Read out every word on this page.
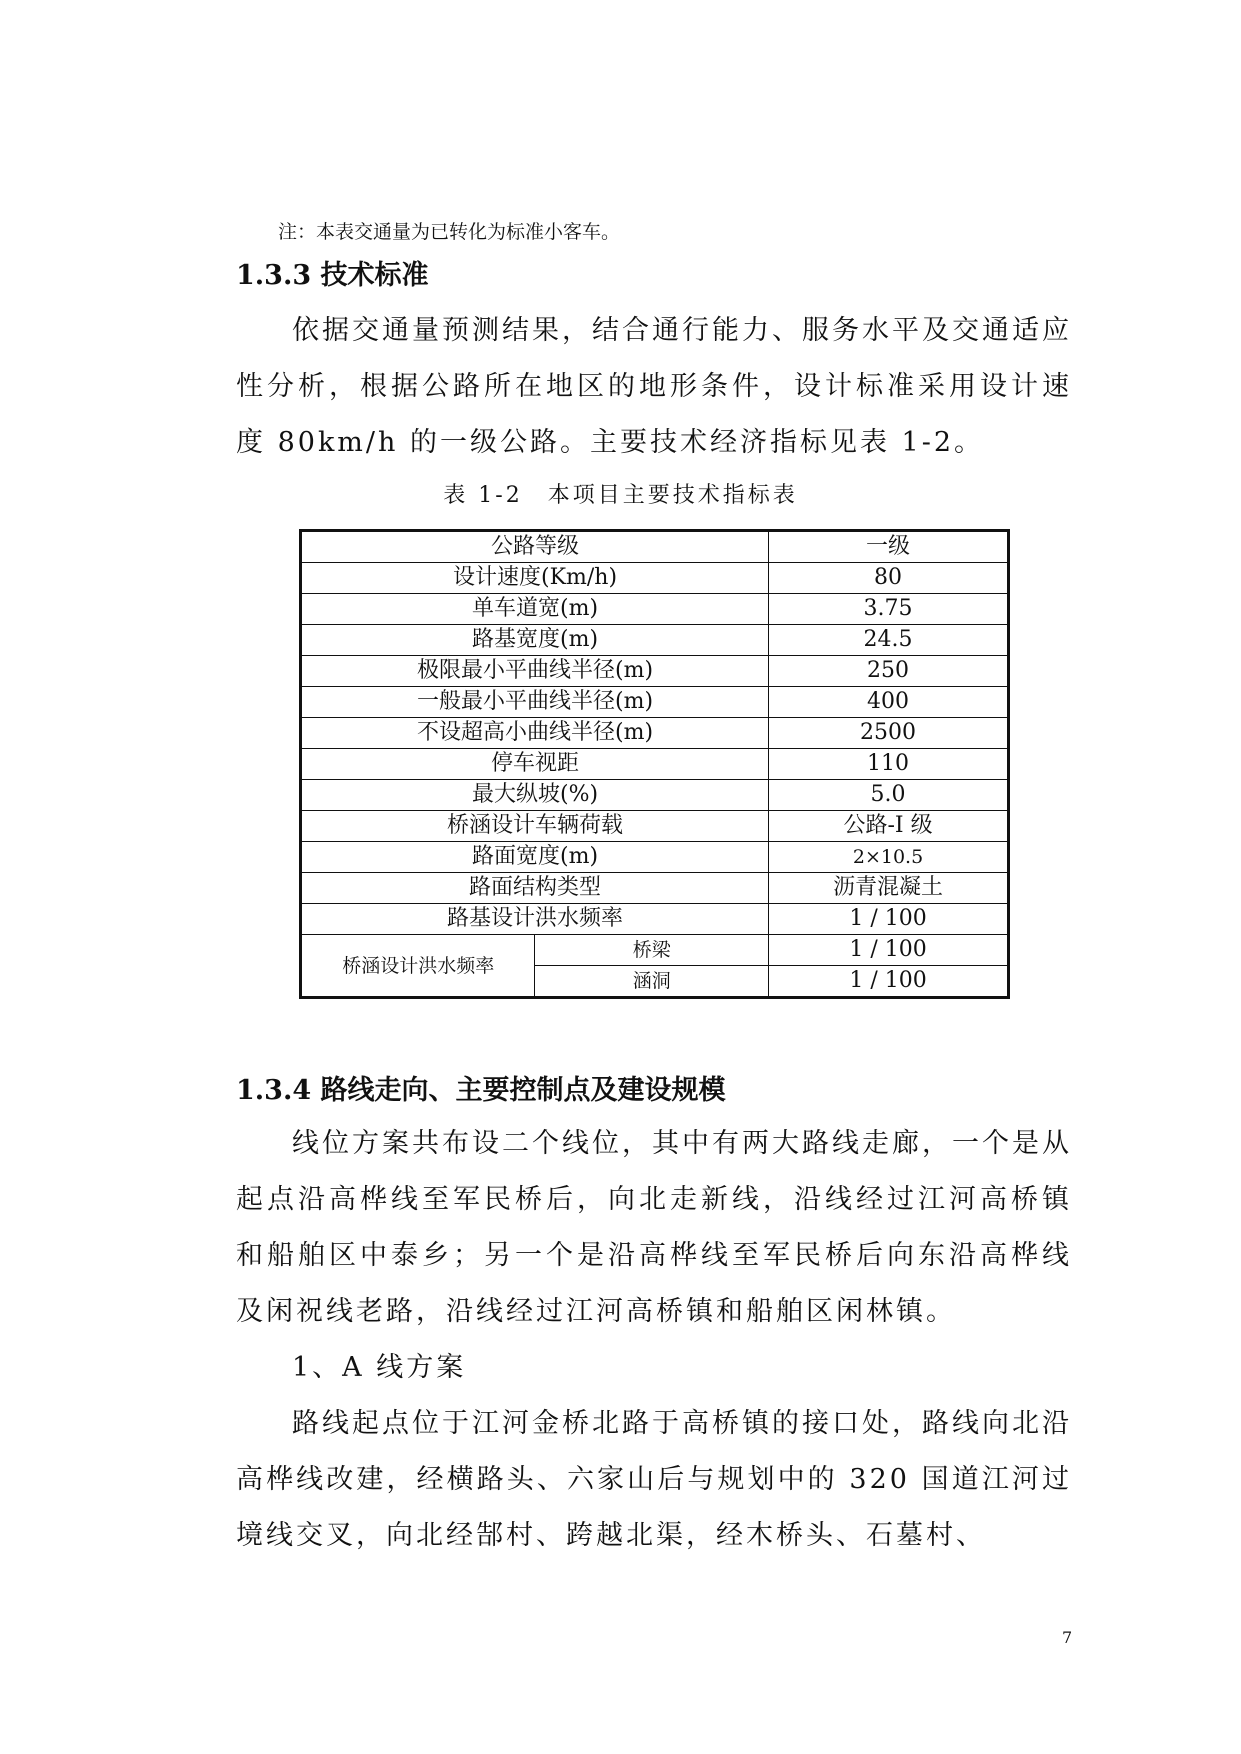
注：本表交通量为已转化为标准小客车。
1.3.3 技术标准
依据交通量预测结果，结合通行能力、服务水平及交通适应性分析，根据公路所在地区的地形条件，设计标准采用设计速度 80km/h 的一级公路。主要技术经济指标见表 1-2。
表 1-2　本项目主要技术指标表
公路等级		一级
设计速度(Km/h)		80
单车道宽(m)		3.75
路基宽度(m)		24.5
极限最小平曲线半径(m)		250
一般最小平曲线半径(m)		400
不设超高小曲线半径(m)		2500
停车视距		110
最大纵坡(%)		5.0
桥涵设计车辆荷载		公路-I 级
路面宽度(m)		2×10.5
路面结构类型		沥青混凝土
路基设计洪水频率		1 / 100
桥涵设计洪水频率	桥梁	1 / 100
	涵洞	1 / 100
1.3.4 路线走向、主要控制点及建设规模
线位方案共布设二个线位，其中有两大路线走廊，一个是从起点沿高桦线至军民桥后，向北走新线，沿线经过江河高桥镇和船舶区中泰乡；另一个是沿高桦线至军民桥后向东沿高桦线及闲祝线老路，沿线经过江河高桥镇和船舶区闲林镇。
1、A 线方案
路线起点位于江河金桥北路于高桥镇的接口处，路线向北沿高桦线改建，经横路头、六家山后与规划中的 320 国道江河过境线交叉，向北经郜村、跨越北渠，经木桥头、石墓村、
7
